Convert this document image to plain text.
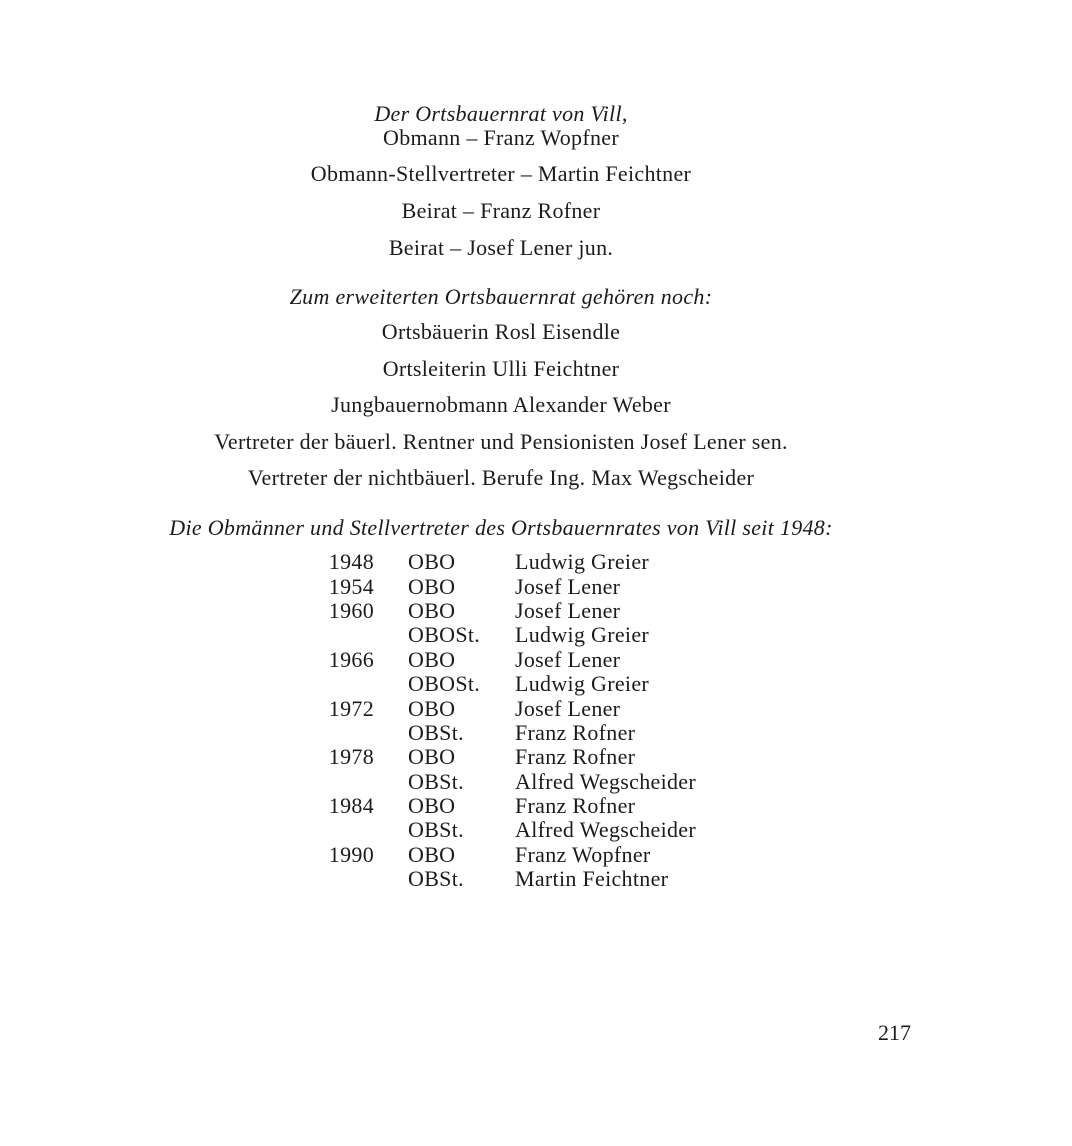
Der Ortsbauernrat von Vill,
Obmann – Franz Wopfner
Obmann-Stellvertreter – Martin Feichtner
Beirat – Franz Rofner
Beirat – Josef Lener jun.
Zum erweiterten Ortsbauernrat gehören noch:
Ortsbäuerin Rosl Eisendle
Ortsleiterin Ulli Feichtner
Jungbauernobmann Alexander Weber
Vertreter der bäuerl. Rentner und Pensionisten Josef Lener sen.
Vertreter der nichtbäuerl. Berufe Ing. Max Wegscheider
Die Obmänner und Stellvertreter des Ortsbauernrates von Vill seit 1948:
1948	OBO	Ludwig Greier
1954	OBO	Josef Lener
1960	OBO	Josef Lener
	OBOSt.	Ludwig Greier
1966	OBO	Josef Lener
	OBOSt.	Ludwig Greier
1972	OBO	Josef Lener
	OBSt.	Franz Rofner
1978	OBO	Franz Rofner
	OBSt.	Alfred Wegscheider
1984	OBO	Franz Rofner
	OBSt.	Alfred Wegscheider
1990	OBO	Franz Wopfner
	OBSt.	Martin Feichtner
217
